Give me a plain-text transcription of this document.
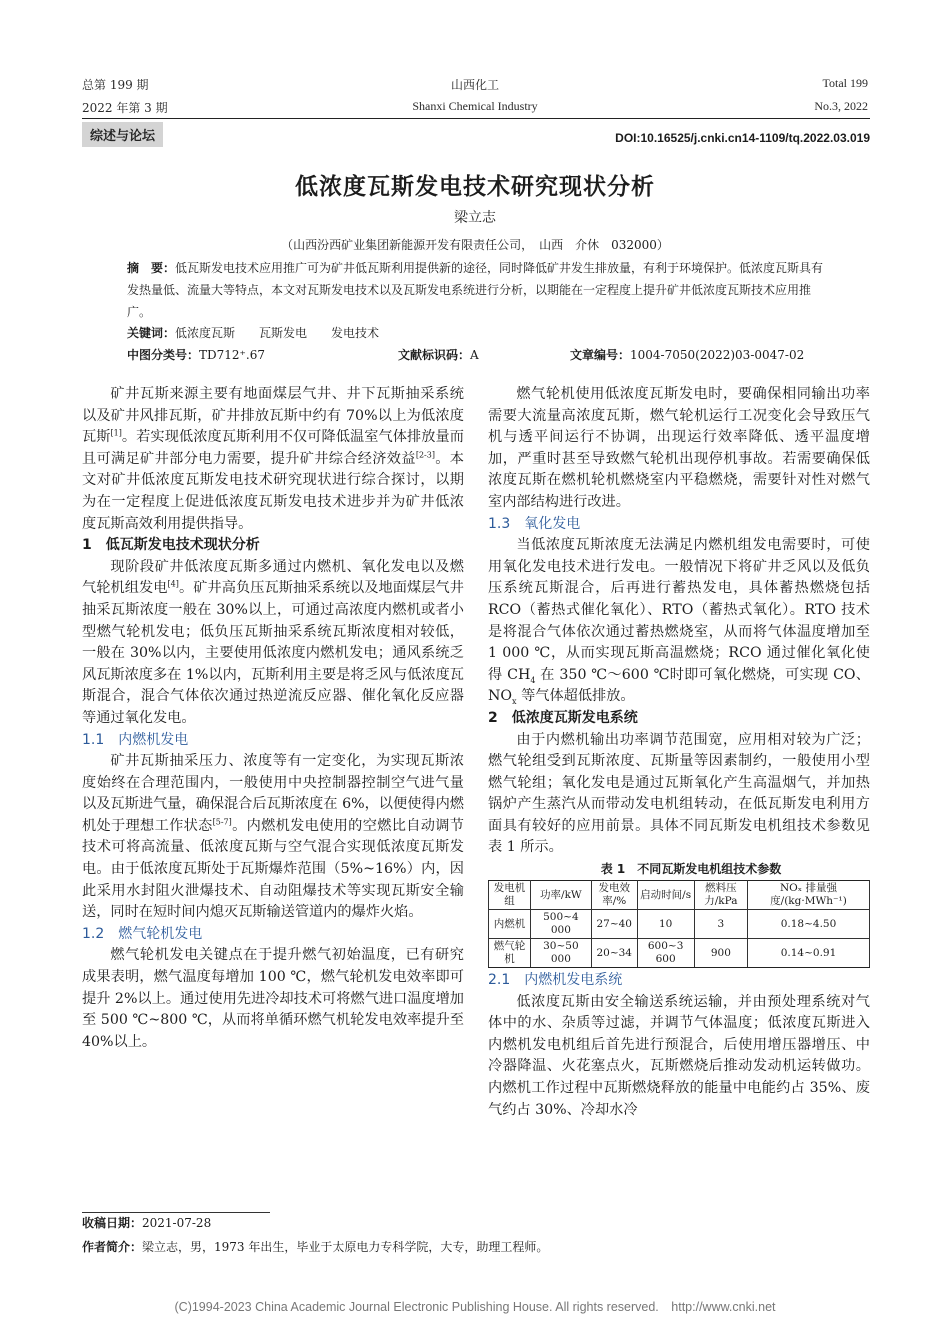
总第 199 期
2022 年第 3 期
山西化工
Shanxi Chemical Industry
Total 199
No.3, 2022
综述与论坛	DOI:10.16525/j.cnki.cn14-1109/tq.2022.03.019
低浓度瓦斯发电技术研究现状分析
梁立志
（山西汾西矿业集团新能源开发有限责任公司，　山西　介休　032000）
摘　要：低瓦斯发电技术应用推广可为矿井低瓦斯利用提供新的途径，同时降低矿井发生排放量，有利于环境保护。低浓度瓦斯具有发热量低、流量大等特点，本文对瓦斯发电技术以及瓦斯发电系统进行分析，以期能在一定程度上提升矿井低浓度瓦斯技术应用推广。
关键词：低浓度瓦斯　　瓦斯发电　　发电技术
中图分类号：TD712⁺.67	文献标识码：A	文章编号：1004-7050(2022)03-0047-02

矿井瓦斯来源主要有地面煤层气井、井下瓦斯抽采系统以及矿井风排瓦斯，矿井排放瓦斯中约有 70%以上为低浓度瓦斯[1]。若实现低浓度瓦斯利用不仅可降低温室气体排放量而且可满足矿井部分电力需要，提升矿井综合经济效益[2-3]。本文对矿井低浓度瓦斯发电技术研究现状进行综合探讨，以期为在一定程度上促进低浓度瓦斯发电技术进步并为矿井低浓度瓦斯高效利用提供指导。

1　低瓦斯发电技术现状分析

现阶段矿井低浓度瓦斯多通过内燃机、氧化发电以及燃气轮机组发电[4]。矿井高负压瓦斯抽采系统以及地面煤层气井抽采瓦斯浓度一般在 30%以上，可通过高浓度内燃机或者小型燃气轮机发电；低负压瓦斯抽采系统瓦斯浓度相对较低，一般在 30%以内，主要使用低浓度内燃机发电；通风系统乏风瓦斯浓度多在 1%以内，瓦斯利用主要是将乏风与低浓度瓦斯混合，混合气体依次通过热逆流反应器、催化氧化反应器等通过氧化发电。

1.1　内燃机发电

矿井瓦斯抽采压力、浓度等有一定变化，为实现瓦斯浓度始终在合理范围内，一般使用中央控制器控制空气进气量以及瓦斯进气量，确保混合后瓦斯浓度在 6%，以便使得内燃机处于理想工作状态[5-7]。内燃机发电使用的空燃比自动调节技术可将高流量、低浓度瓦斯与空气混合实现低浓度瓦斯发电。由于低浓度瓦斯处于瓦斯爆炸范围（5%~16%）内，因此采用水封阻火泄爆技术、自动阻爆技术等实现瓦斯安全输送，同时在短时间内熄灭瓦斯输送管道内的爆炸火焰。

1.2　燃气轮机发电

燃气轮机发电关键点在于提升燃气初始温度，已有研究成果表明，燃气温度每增加 100 ℃，燃气轮机发电效率即可提升 2%以上。通过使用先进冷却技术可将燃气进口温度增加至 500 ℃~800 ℃，从而将单循环燃气机轮发电效率提升至 40%以上。

燃气轮机使用低浓度瓦斯发电时，要确保相同输出功率需要大流量高浓度瓦斯，燃气轮机运行工况变化会导致压气机与透平间运行不协调，出现运行效率降低、透平温度增加，严重时甚至导致燃气轮机出现停机事故。若需要确保低浓度瓦斯在燃机轮机燃烧室内平稳燃烧，需要针对性对燃气室内部结构进行改进。

1.3　氧化发电

当低浓度瓦斯浓度无法满足内燃机组发电需要时，可使用氧化发电技术进行发电。一般情况下将矿井乏风以及低负压系统瓦斯混合，后再进行蓄热发电，具体蓄热燃烧包括 RCO（蓄热式催化氧化）、RTO（蓄热式氧化）。RTO 技术是将混合气体依次通过蓄热燃烧室，从而将气体温度增加至 1 000 ℃，从而实现瓦斯高温燃烧；RCO 通过催化氧化使得 $CH_4$ 在 350 ℃～600 ℃时即可氧化燃烧，可实现 CO、$NO_x$ 等气体超低排放。

2　低浓度瓦斯发电系统

由于内燃机输出功率调节范围宽，应用相对较为广泛；燃气轮组受到瓦斯浓度、瓦斯量等因素制约，一般使用小型燃气轮组；氧化发电是通过瓦斯氧化产生高温烟气，并加热锅炉产生蒸汽从而带动发电机组转动，在低瓦斯发电利用方面具有较好的应用前景。具体不同瓦斯发电机组技术参数见表 1 所示。

表 1　不同瓦斯发电机组技术参数

发电机组	功率/kW	发电效率/%	启动时间/s	燃料压力/kPa	NOₓ 排量强度/(kg·MWh⁻¹)
内燃机	500~4 000	27~40	10	3	0.18~4.50
燃气轮机	30~50 000	20~34	600~3 600	900	0.14~0.91
2.1　内燃机发电系统

低浓度瓦斯由安全输送系统运输，并由预处理系统对气体中的水、杂质等过滤，并调节气体温度；低浓度瓦斯进入内燃机发电机组后首先进行预混合，后使用增压器增压、中冷器降温、火花塞点火，瓦斯燃烧后推动发动机运转做功。内燃机工作过程中瓦斯燃烧释放的能量中电能约占 35%、废气约占 30%、冷却水冷

收稿日期：2021-07-28
作者简介：梁立志，男，1973 年出生，毕业于太原电力专科学院，大专，助理工程师。
(C)1994-2023 China Academic Journal Electronic Publishing House. All rights reserved.　http://www.cnki.net
